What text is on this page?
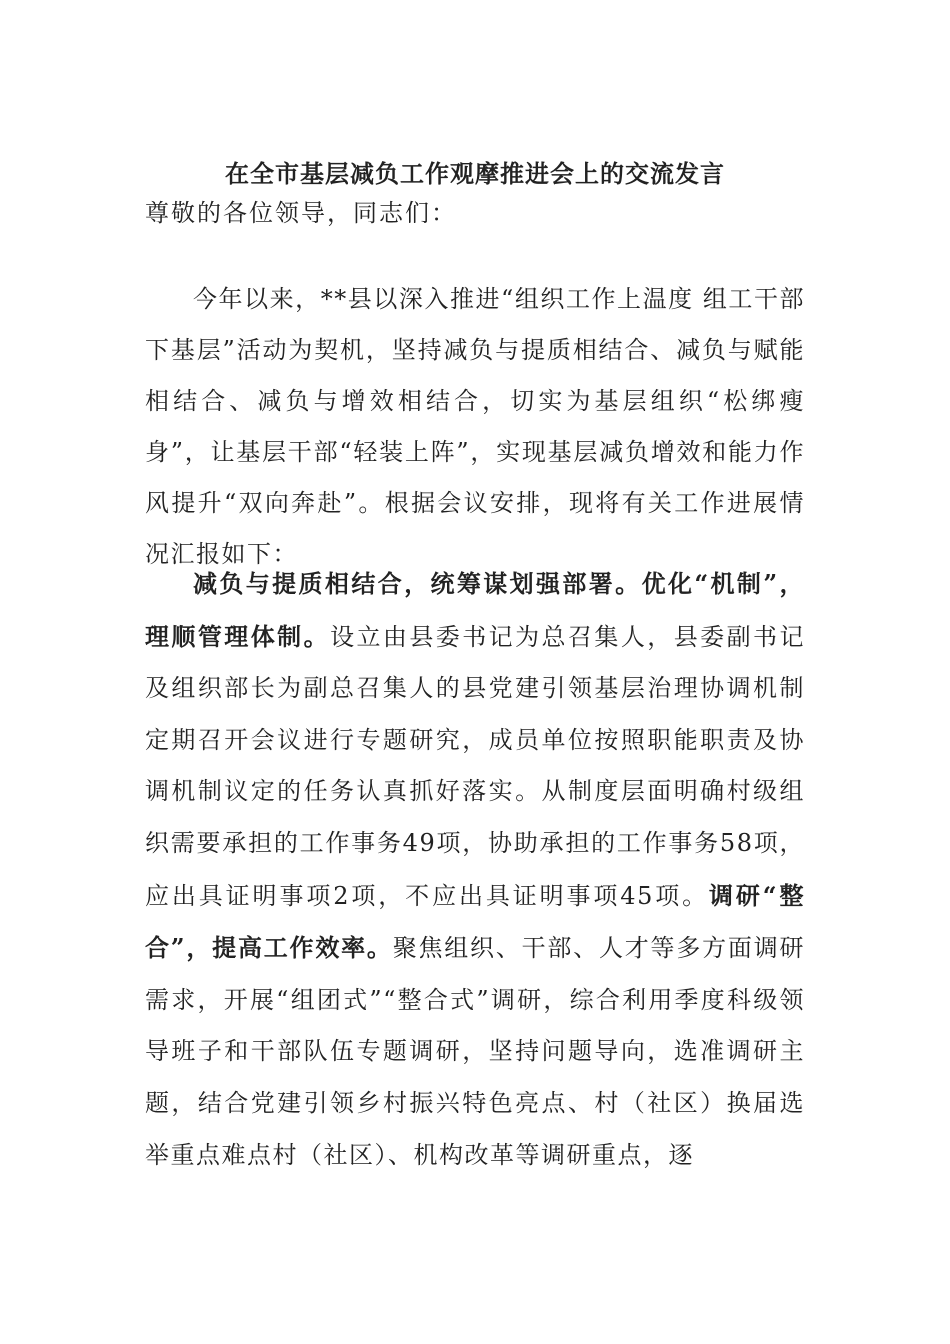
在全市基层减负工作观摩推进会上的交流发言
尊敬的各位领导，同志们：
今年以来，**县以深入推进“组织工作上温度 组工干部下基层”活动为契机，坚持减负与提质相结合、减负与赋能相结合、减负与增效相结合，切实为基层组织“松绑瘦身”，让基层干部“轻装上阵”，实现基层减负增效和能力作风提升“双向奔赴”。根据会议安排，现将有关工作进展情况汇报如下：
减负与提质相结合，统筹谋划强部署。优化“机制”，理顺管理体制。设立由县委书记为总召集人，县委副书记及组织部长为副总召集人的县党建引领基层治理协调机制定期召开会议进行专题研究，成员单位按照职能职责及协调机制议定的任务认真抓好落实。从制度层面明确村级组织需要承担的工作事务49项，协助承担的工作事务58项，应出具证明事项2项，不应出具证明事项45项。调研“整合”，提高工作效率。聚焦组织、干部、人才等多方面调研需求，开展“组团式”“整合式”调研，综合利用季度科级领导班子和干部队伍专题调研，坚持问题导向，选准调研主题，结合党建引领乡村振兴特色亮点、村（社区）换届选举重点难点村（社区）、机构改革等调研重点，逐
